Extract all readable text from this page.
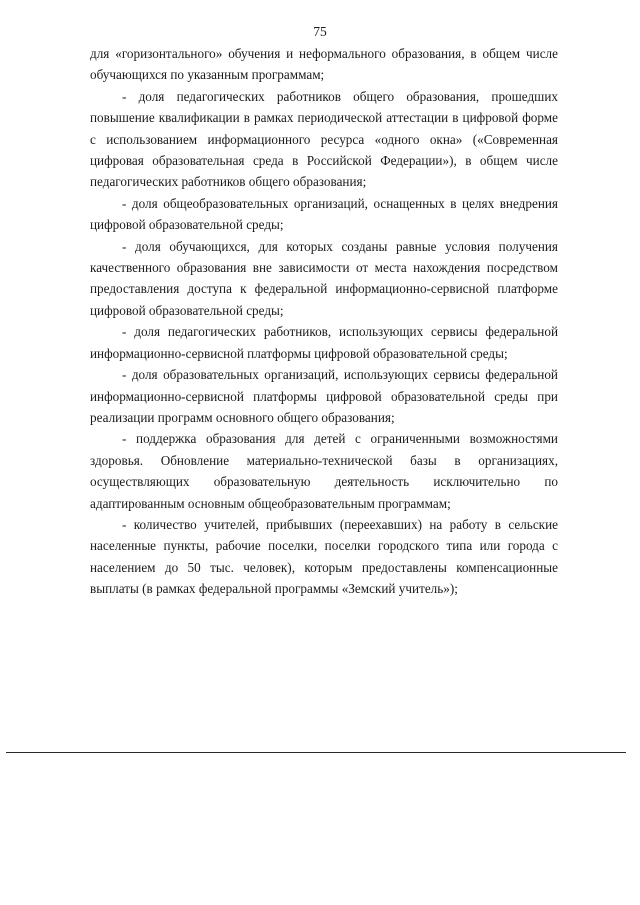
75

для «горизонтального» обучения и неформального образования, в общем числе обучающихся по указанным программам;

- доля педагогических работников общего образования, прошедших повышение квалификации в рамках периодической аттестации в цифровой форме с использованием информационного ресурса «одного окна» («Современная цифровая образовательная среда в Российской Федерации»), в общем числе педагогических работников общего образования;

- доля общеобразовательных организаций, оснащенных в целях внедрения цифровой образовательной среды;

- доля обучающихся, для которых созданы равные условия получения качественного образования вне зависимости от места нахождения посредством предоставления доступа к федеральной информационно-сервисной платформе цифровой образовательной среды;

- доля педагогических работников, использующих сервисы федеральной информационно-сервисной платформы цифровой образовательной среды;

- доля образовательных организаций, использующих сервисы федеральной информационно-сервисной платформы цифровой образовательной среды при реализации программ основного общего образования;

- поддержка образования для детей с ограниченными возможностями здоровья. Обновление материально-технической базы в организациях, осуществляющих образовательную деятельность исключительно по адаптированным основным общеобразовательным программам;

- количество учителей, прибывших (переехавших) на работу в сельские населенные пункты, рабочие поселки, поселки городского типа или города с населением до 50 тыс. человек), которым предоставлены компенсационные выплаты (в рамках федеральной программы «Земский учитель»);
